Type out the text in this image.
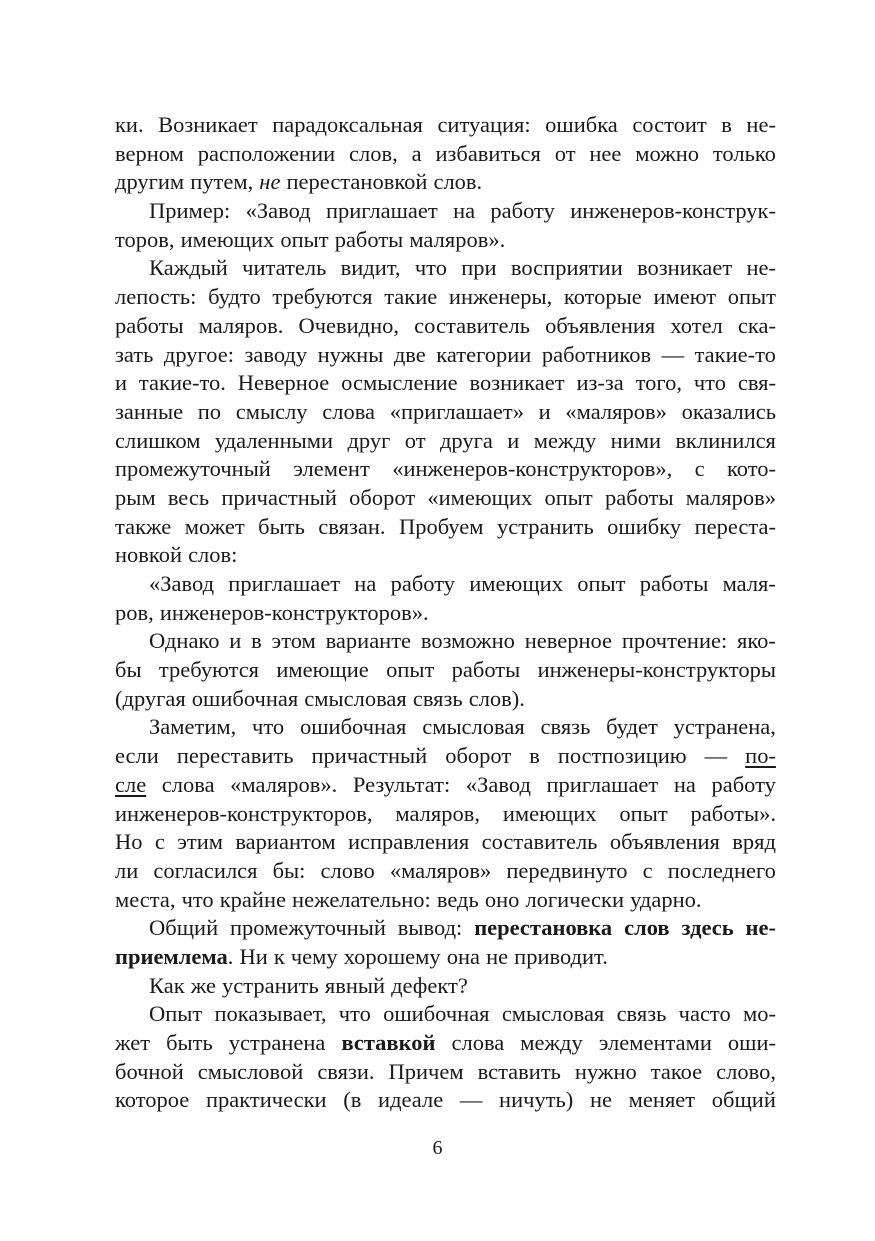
ки. Возникает парадоксальная ситуация: ошибка состоит в не-
верном расположении слов, а избавиться от нее можно только
другим путем, не перестановкой слов.
Пример: «Завод приглашает на работу инженеров-конструк-
торов, имеющих опыт работы маляров».
Каждый читатель видит, что при восприятии возникает не-
лепость: будто требуются такие инженеры, которые имеют опыт
работы маляров. Очевидно, составитель объявления хотел ска-
зать другое: заводу нужны две категории работников — такие-то
и такие-то. Неверное осмысление возникает из-за того, что свя-
занные по смыслу слова «приглашает» и «маляров» оказались
слишком удаленными друг от друга и между ними вклинился
промежуточный элемент «инженеров-конструкторов», с кото-
рым весь причастный оборот «имеющих опыт работы маляров»
также может быть связан. Пробуем устранить ошибку переста-
новкой слов:
«Завод приглашает на работу имеющих опыт работы маля-
ров, инженеров-конструкторов».
Однако и в этом варианте возможно неверное прочтение: яко-
бы требуются имеющие опыт работы инженеры-конструкторы
(другая ошибочная смысловая связь слов).
Заметим, что ошибочная смысловая связь будет устранена,
если переставить причастный оборот в постпозицию — по-
сле слова «маляров». Результат: «Завод приглашает на работу
инженеров-конструкторов, маляров, имеющих опыт работы».
Но с этим вариантом исправления составитель объявления вряд
ли согласился бы: слово «маляров» передвинуто с последнего
места, что крайне нежелательно: ведь оно логически ударно.
Общий промежуточный вывод: перестановка слов здесь не-
приемлема. Ни к чему хорошему она не приводит.
Как же устранить явный дефект?
Опыт показывает, что ошибочная смысловая связь часто мо-
жет быть устранена вставкой слова между элементами оши-
бочной смысловой связи. Причем вставить нужно такое слово,
которое практически (в идеале — ничуть) не меняет общий
6
